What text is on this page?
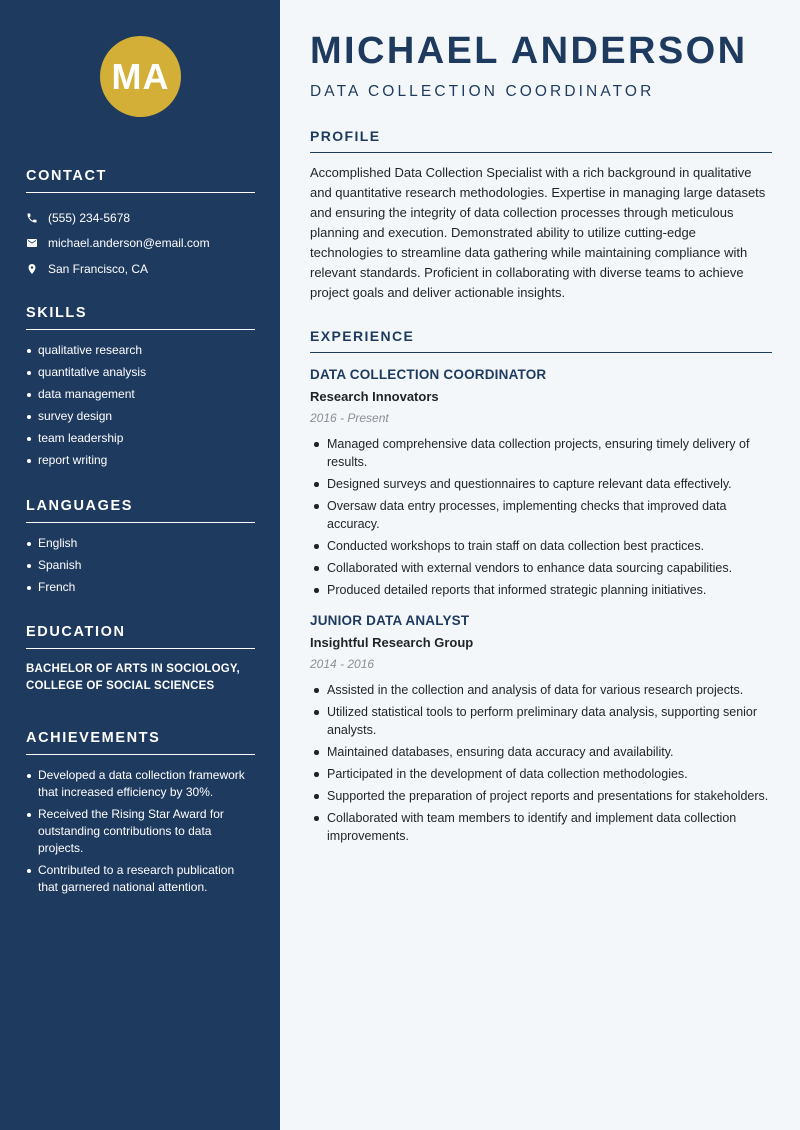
MA
CONTACT
(555) 234-5678
michael.anderson@email.com
San Francisco, CA
SKILLS
qualitative research
quantitative analysis
data management
survey design
team leadership
report writing
LANGUAGES
English
Spanish
French
EDUCATION
BACHELOR OF ARTS IN SOCIOLOGY, COLLEGE OF SOCIAL SCIENCES
ACHIEVEMENTS
Developed a data collection framework that increased efficiency by 30%.
Received the Rising Star Award for outstanding contributions to data projects.
Contributed to a research publication that garnered national attention.
MICHAEL ANDERSON
DATA COLLECTION COORDINATOR
PROFILE

Accomplished Data Collection Specialist with a rich background in qualitative and quantitative research methodologies. Expertise in managing large datasets and ensuring the integrity of data collection processes through meticulous planning and execution. Demonstrated ability to utilize cutting-edge technologies to streamline data gathering while maintaining compliance with relevant standards. Proficient in collaborating with diverse teams to achieve project goals and deliver actionable insights.

EXPERIENCE
DATA COLLECTION COORDINATOR
Research Innovators
2016 - Present
Managed comprehensive data collection projects, ensuring timely delivery of results.
Designed surveys and questionnaires to capture relevant data effectively.
Oversaw data entry processes, implementing checks that improved data accuracy.
Conducted workshops to train staff on data collection best practices.
Collaborated with external vendors to enhance data sourcing capabilities.
Produced detailed reports that informed strategic planning initiatives.
JUNIOR DATA ANALYST
Insightful Research Group
2014 - 2016
Assisted in the collection and analysis of data for various research projects.
Utilized statistical tools to perform preliminary data analysis, supporting senior analysts.
Maintained databases, ensuring data accuracy and availability.
Participated in the development of data collection methodologies.
Supported the preparation of project reports and presentations for stakeholders.
Collaborated with team members to identify and implement data collection improvements.
